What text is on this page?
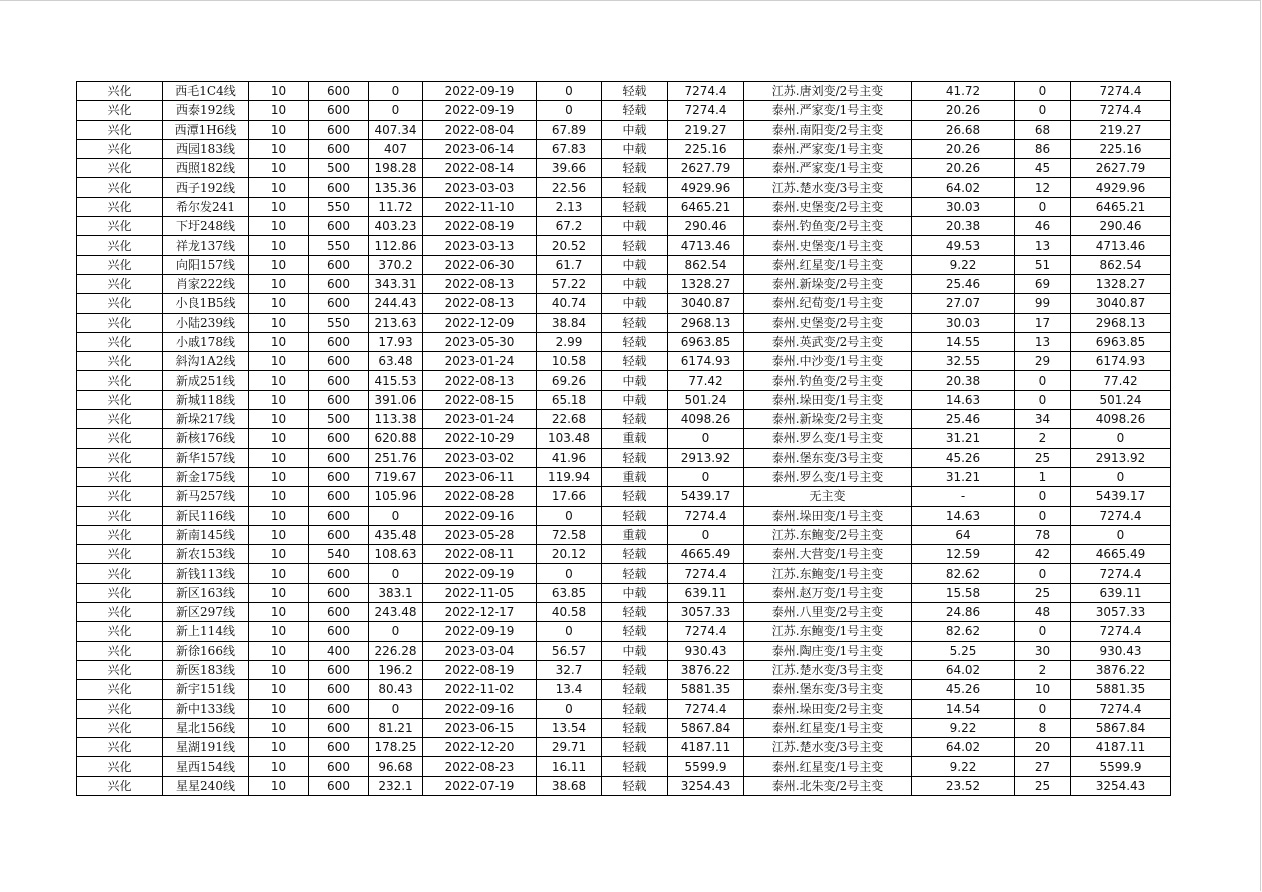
兴化	西毛1C4线	10	600	0	2022-09-19	0	轻载	7274.4	江苏.唐刘变/2号主变	41.72	0	7274.4
兴化	西泰192线	10	600	0	2022-09-19	0	轻载	7274.4	泰州.严家变/1号主变	20.26	0	7274.4
兴化	西潭1H6线	10	600	407.34	2022-08-04	67.89	中载	219.27	泰州.南阳变/2号主变	26.68	68	219.27
兴化	西园183线	10	600	407	2023-06-14	67.83	中载	225.16	泰州.严家变/1号主变	20.26	86	225.16
兴化	西照182线	10	500	198.28	2022-08-14	39.66	轻载	2627.79	泰州.严家变/1号主变	20.26	45	2627.79
兴化	西子192线	10	600	135.36	2023-03-03	22.56	轻载	4929.96	江苏.楚水变/3号主变	64.02	12	4929.96
兴化	希尔发241	10	550	11.72	2022-11-10	2.13	轻载	6465.21	泰州.史堡变/2号主变	30.03	0	6465.21
兴化	下圩248线	10	600	403.23	2022-08-19	67.2	中载	290.46	泰州.钓鱼变/2号主变	20.38	46	290.46
兴化	祥龙137线	10	550	112.86	2023-03-13	20.52	轻载	4713.46	泰州.史堡变/1号主变	49.53	13	4713.46
兴化	向阳157线	10	600	370.2	2022-06-30	61.7	中载	862.54	泰州.红星变/1号主变	9.22	51	862.54
兴化	肖家222线	10	600	343.31	2022-08-13	57.22	中载	1328.27	泰州.新垛变/2号主变	25.46	69	1328.27
兴化	小良1B5线	10	600	244.43	2022-08-13	40.74	中载	3040.87	泰州.纪荀变/1号主变	27.07	99	3040.87
兴化	小陆239线	10	550	213.63	2022-12-09	38.84	轻载	2968.13	泰州.史堡变/2号主变	30.03	17	2968.13
兴化	小戚178线	10	600	17.93	2023-05-30	2.99	轻载	6963.85	泰州.英武变/2号主变	14.55	13	6963.85
兴化	斜沟1A2线	10	600	63.48	2023-01-24	10.58	轻载	6174.93	泰州.中沙变/1号主变	32.55	29	6174.93
兴化	新成251线	10	600	415.53	2022-08-13	69.26	中载	77.42	泰州.钓鱼变/2号主变	20.38	0	77.42
兴化	新城118线	10	600	391.06	2022-08-15	65.18	中载	501.24	泰州.垛田变/1号主变	14.63	0	501.24
兴化	新垛217线	10	500	113.38	2023-01-24	22.68	轻载	4098.26	泰州.新垛变/2号主变	25.46	34	4098.26
兴化	新核176线	10	600	620.88	2022-10-29	103.48	重载	0	泰州.罗么变/1号主变	31.21	2	0
兴化	新华157线	10	600	251.76	2023-03-02	41.96	轻载	2913.92	泰州.堡东变/3号主变	45.26	25	2913.92
兴化	新金175线	10	600	719.67	2023-06-11	119.94	重载	0	泰州.罗么变/1号主变	31.21	1	0
兴化	新马257线	10	600	105.96	2022-08-28	17.66	轻载	5439.17	无主变	-	0	5439.17
兴化	新民116线	10	600	0	2022-09-16	0	轻载	7274.4	泰州.垛田变/1号主变	14.63	0	7274.4
兴化	新南145线	10	600	435.48	2023-05-28	72.58	重载	0	江苏.东鲍变/2号主变	64	78	0
兴化	新农153线	10	540	108.63	2022-08-11	20.12	轻载	4665.49	泰州.大营变/1号主变	12.59	42	4665.49
兴化	新钱113线	10	600	0	2022-09-19	0	轻载	7274.4	江苏.东鲍变/1号主变	82.62	0	7274.4
兴化	新区163线	10	600	383.1	2022-11-05	63.85	中载	639.11	泰州.赵万变/1号主变	15.58	25	639.11
兴化	新区297线	10	600	243.48	2022-12-17	40.58	轻载	3057.33	泰州.八里变/2号主变	24.86	48	3057.33
兴化	新上114线	10	600	0	2022-09-19	0	轻载	7274.4	江苏.东鲍变/1号主变	82.62	0	7274.4
兴化	新徐166线	10	400	226.28	2023-03-04	56.57	中载	930.43	泰州.陶庄变/1号主变	5.25	30	930.43
兴化	新医183线	10	600	196.2	2022-08-19	32.7	轻载	3876.22	江苏.楚水变/3号主变	64.02	2	3876.22
兴化	新宇151线	10	600	80.43	2022-11-02	13.4	轻载	5881.35	泰州.堡东变/3号主变	45.26	10	5881.35
兴化	新中133线	10	600	0	2022-09-16	0	轻载	7274.4	泰州.垛田变/2号主变	14.54	0	7274.4
兴化	星北156线	10	600	81.21	2023-06-15	13.54	轻载	5867.84	泰州.红星变/1号主变	9.22	8	5867.84
兴化	星湖191线	10	600	178.25	2022-12-20	29.71	轻载	4187.11	江苏.楚水变/3号主变	64.02	20	4187.11
兴化	星西154线	10	600	96.68	2022-08-23	16.11	轻载	5599.9	泰州.红星变/1号主变	9.22	27	5599.9
兴化	星星240线	10	600	232.1	2022-07-19	38.68	轻载	3254.43	泰州.北朱变/2号主变	23.52	25	3254.43
